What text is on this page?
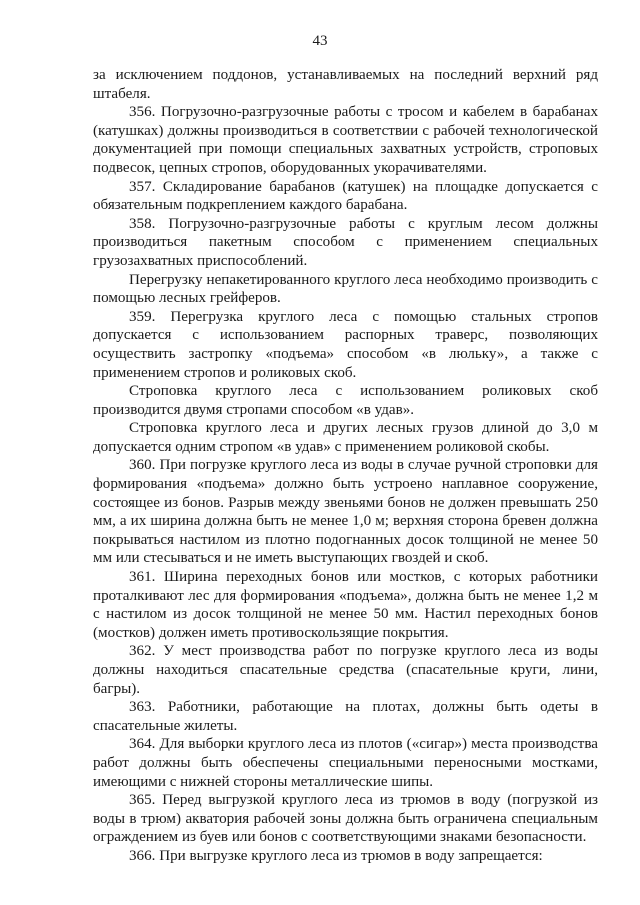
43

за исключением поддонов, устанавливаемых на последний верхний ряд штабеля.

356. Погрузочно-разгрузочные работы с тросом и кабелем в барабанах (катушках) должны производиться в соответствии с рабочей технологической документацией при помощи специальных захватных устройств, строповых подвесок, цепных стропов, оборудованных укорачивателями.

357. Складирование барабанов (катушек) на площадке допускается с обязательным подкреплением каждого барабана.

358. Погрузочно-разгрузочные работы с круглым лесом должны производиться пакетным способом с применением специальных грузозахватных приспособлений.

Перегрузку непакетированного круглого леса необходимо производить с помощью лесных грейферов.

359. Перегрузка круглого леса с помощью стальных стропов допускается с использованием распорных траверс, позволяющих осуществить застропку «подъема» способом «в люльку», а также с применением стропов и роликовых скоб.

Строповка круглого леса с использованием роликовых скоб производится двумя стропами способом «в удав».

Строповка круглого леса и других лесных грузов длиной до 3,0 м допускается одним стропом «в удав» с применением роликовой скобы.

360. При погрузке круглого леса из воды в случае ручной строповки для формирования «подъема» должно быть устроено наплавное сооружение, состоящее из бонов. Разрыв между звеньями бонов не должен превышать 250 мм, а их ширина должна быть не менее 1,0 м; верхняя сторона бревен должна покрываться настилом из плотно подогнанных досок толщиной не менее 50 мм или стесываться и не иметь выступающих гвоздей и скоб.

361. Ширина переходных бонов или мостков, с которых работники проталкивают лес для формирования «подъема», должна быть не менее 1,2 м с настилом из досок толщиной не менее 50 мм. Настил переходных бонов (мостков) должен иметь противоскользящие покрытия.

362. У мест производства работ по погрузке круглого леса из воды должны находиться спасательные средства (спасательные круги, лини, багры).

363. Работники, работающие на плотах, должны быть одеты в спасательные жилеты.

364. Для выборки круглого леса из плотов («сигар») места производства работ должны быть обеспечены специальными переносными мостками, имеющими с нижней стороны металлические шипы.

365. Перед выгрузкой круглого леса из трюмов в воду (погрузкой из воды в трюм) акватория рабочей зоны должна быть ограничена специальным ограждением из буев или бонов с соответствующими знаками безопасности.

366. При выгрузке круглого леса из трюмов в воду запрещается:
